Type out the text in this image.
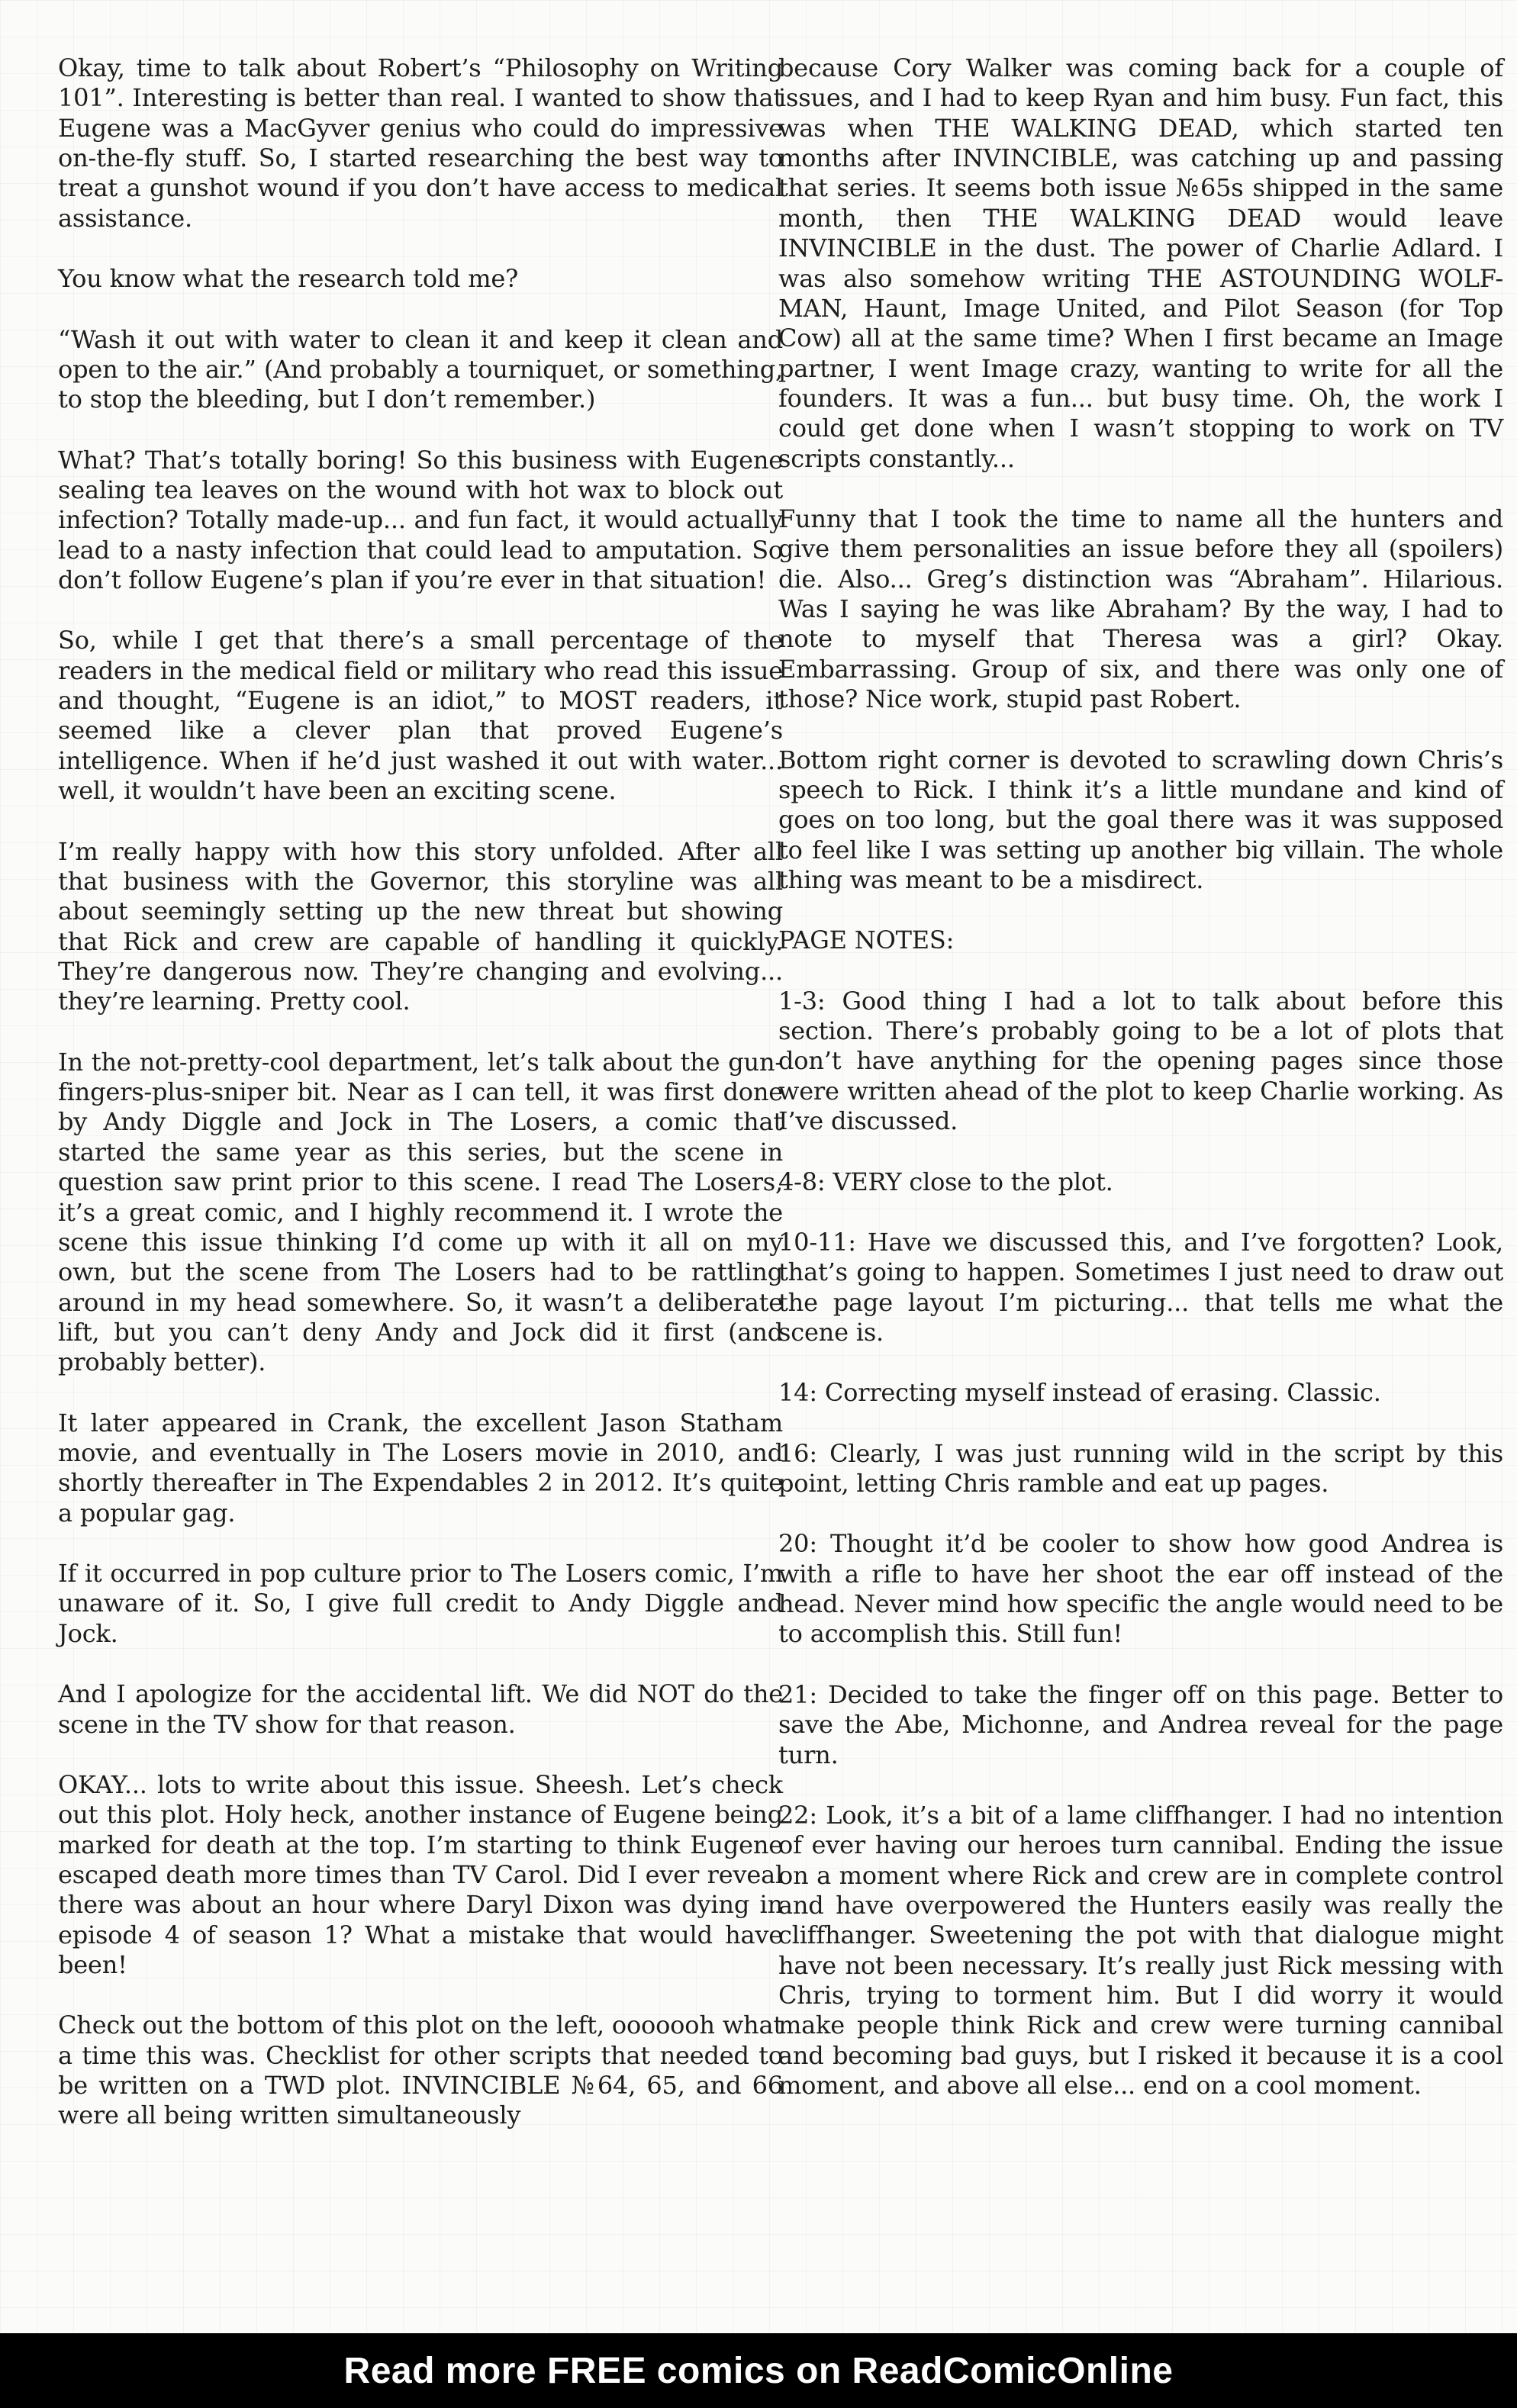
Okay, time to talk about Robert’s “Philosophy on Writing 101”. Interesting is better than real. I wanted to show that Eugene was a MacGyver genius who could do impressive on-the-fly stuff. So, I started researching the best way to treat a gunshot wound if you don’t have access to medical assistance.

You know what the research told me?

“Wash it out with water to clean it and keep it clean and open to the air.” (And probably a tourniquet, or something, to stop the bleeding, but I don’t remember.)

What? That’s totally boring! So this business with Eugene sealing tea leaves on the wound with hot wax to block out infection? Totally made-up... and fun fact, it would actually lead to a nasty infection that could lead to amputation. So don’t follow Eugene’s plan if you’re ever in that situation!

So, while I get that there’s a small percentage of the readers in the medical field or military who read this issue and thought, “Eugene is an idiot,” to MOST readers, it seemed like a clever plan that proved Eugene’s intelligence. When if he’d just washed it out with water... well, it wouldn’t have been an exciting scene.

I’m really happy with how this story unfolded. After all that business with the Governor, this storyline was all about seemingly setting up the new threat but showing that Rick and crew are capable of handling it quickly. They’re dangerous now. They’re changing and evolving... they’re learning. Pretty cool.

In the not-pretty-cool department, let’s talk about the gun-fingers-plus-sniper bit. Near as I can tell, it was first done by Andy Diggle and Jock in The Losers, a comic that started the same year as this series, but the scene in question saw print prior to this scene. I read The Losers, it’s a great comic, and I highly recommend it. I wrote the scene this issue thinking I’d come up with it all on my own, but the scene from The Losers had to be rattling around in my head somewhere. So, it wasn’t a deliberate lift, but you can’t deny Andy and Jock did it first (and probably better).

It later appeared in Crank, the excellent Jason Statham movie, and eventually in The Losers movie in 2010, and shortly thereafter in The Expendables 2 in 2012. It’s quite a popular gag.

If it occurred in pop culture prior to The Losers comic, I’m unaware of it. So, I give full credit to Andy Diggle and Jock.

And I apologize for the accidental lift. We did NOT do the scene in the TV show for that reason.

OKAY... lots to write about this issue. Sheesh. Let’s check out this plot. Holy heck, another instance of Eugene being marked for death at the top. I’m starting to think Eugene escaped death more times than TV Carol. Did I ever reveal there was about an hour where Daryl Dixon was dying in episode 4 of season 1? What a mistake that would have been!

Check out the bottom of this plot on the left, ooooooh what a time this was. Checklist for other scripts that needed to be written on a TWD plot. INVINCIBLE №64, 65, and 66 were all being written simultaneously

because Cory Walker was coming back for a couple of issues, and I had to keep Ryan and him busy. Fun fact, this was when THE WALKING DEAD, which started ten months after INVINCIBLE, was catching up and passing that series. It seems both issue №65s shipped in the same month, then THE WALKING DEAD would leave INVINCIBLE in the dust. The power of Charlie Adlard. I was also somehow writing THE ASTOUNDING WOLF-MAN, Haunt, Image United, and Pilot Season (for Top Cow) all at the same time? When I first became an Image partner, I went Image crazy, wanting to write for all the founders. It was a fun... but busy time. Oh, the work I could get done when I wasn’t stopping to work on TV scripts constantly...

Funny that I took the time to name all the hunters and give them personalities an issue before they all (spoilers) die. Also... Greg’s distinction was “Abraham”. Hilarious. Was I saying he was like Abraham? By the way, I had to note to myself that Theresa was a girl? Okay. Embarrassing. Group of six, and there was only one of those? Nice work, stupid past Robert.

Bottom right corner is devoted to scrawling down Chris’s speech to Rick. I think it’s a little mundane and kind of goes on too long, but the goal there was it was supposed to feel like I was setting up another big villain. The whole thing was meant to be a misdirect.

PAGE NOTES:

1-3: Good thing I had a lot to talk about before this section. There’s probably going to be a lot of plots that don’t have anything for the opening pages since those were written ahead of the plot to keep Charlie working. As I’ve discussed.

4-8: VERY close to the plot.

10-11: Have we discussed this, and I’ve forgotten? Look, that’s going to happen. Sometimes I just need to draw out the page layout I’m picturing... that tells me what the scene is.

14: Correcting myself instead of erasing. Classic.

16: Clearly, I was just running wild in the script by this point, letting Chris ramble and eat up pages.

20: Thought it’d be cooler to show how good Andrea is with a rifle to have her shoot the ear off instead of the head. Never mind how specific the angle would need to be to accomplish this. Still fun!

21: Decided to take the finger off on this page. Better to save the Abe, Michonne, and Andrea reveal for the page turn.

22: Look, it’s a bit of a lame cliffhanger. I had no intention of ever having our heroes turn cannibal. Ending the issue on a moment where Rick and crew are in complete control and have overpowered the Hunters easily was really the cliffhanger. Sweetening the pot with that dialogue might have not been necessary. It’s really just Rick messing with Chris, trying to torment him. But I did worry it would make people think Rick and crew were turning cannibal and becoming bad guys, but I risked it because it is a cool moment, and above all else... end on a cool moment.

Read more FREE comics on ReadComicOnline
